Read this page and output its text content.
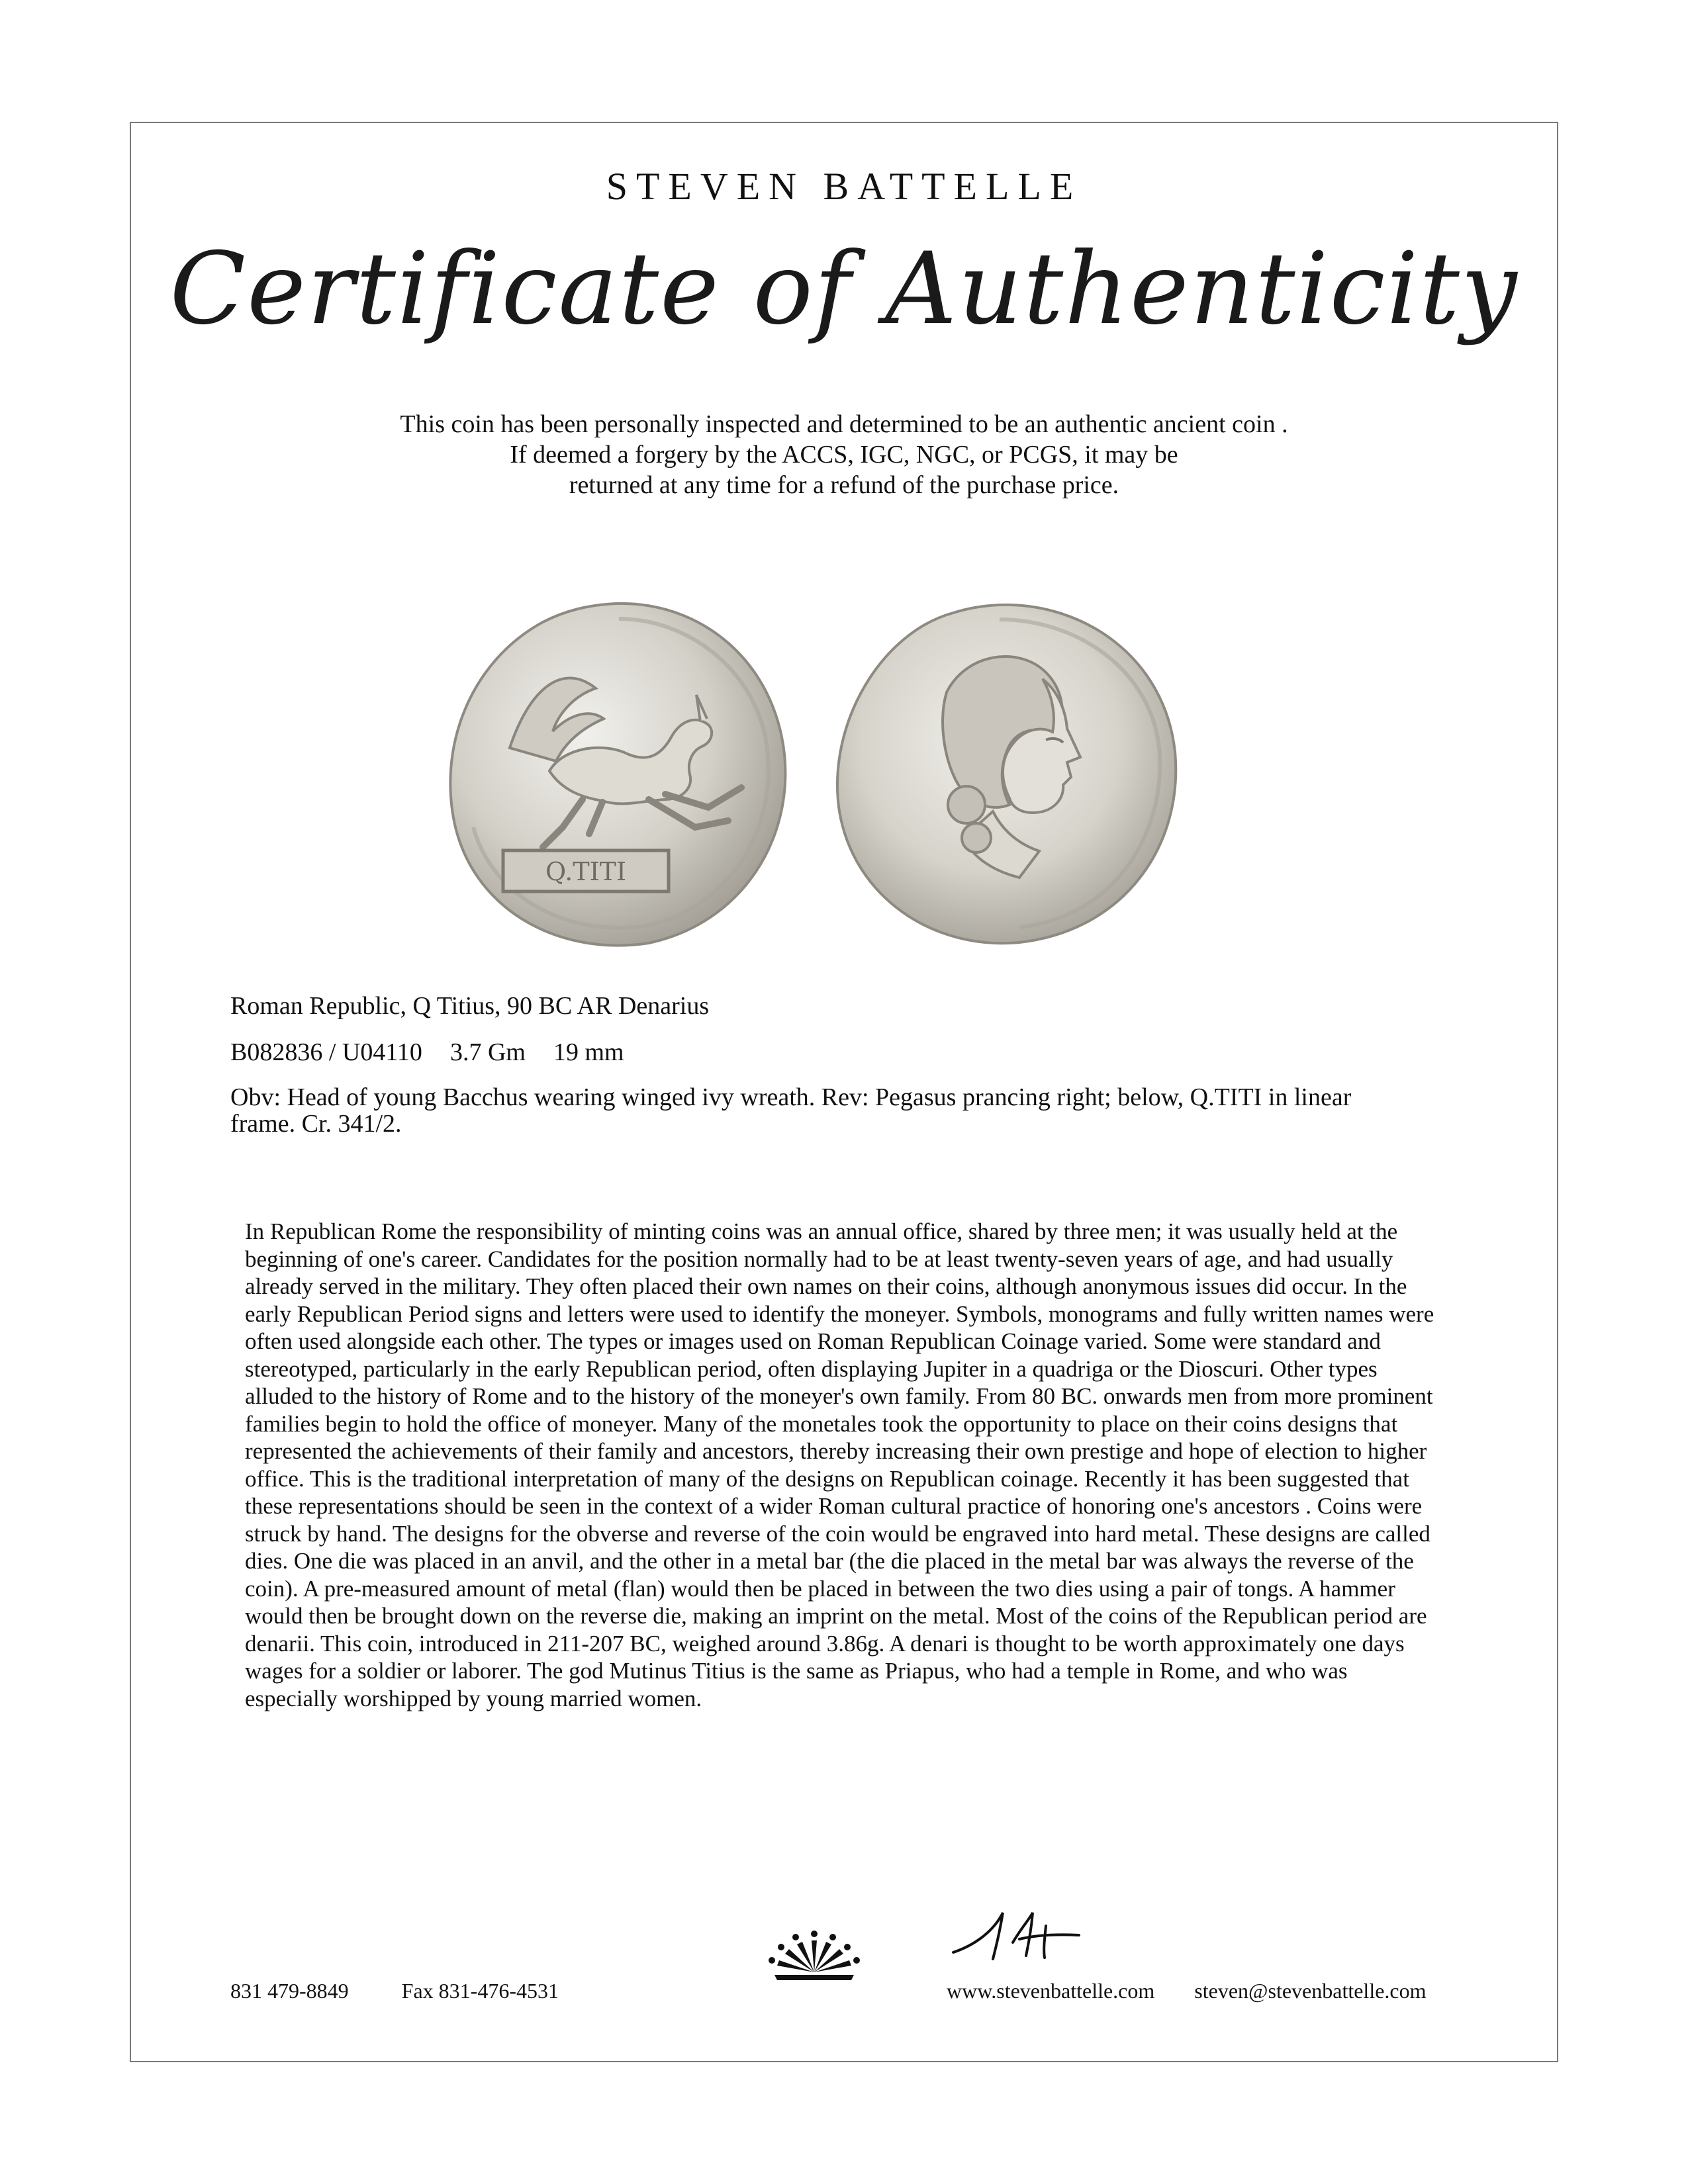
STEVEN BATTELLE
Certificate of Authenticity
This coin has been personally inspected and determined to be an authentic ancient coin .
If deemed a forgery by the ACCS, IGC, NGC, or PCGS, it may be
returned at any time for a refund of the purchase price.
Q.TITI
Roman Republic, Q Titius, 90 BC AR Denarius
B082836 / U04110 3.7 Gm 19 mm
Obv: Head of young Bacchus wearing winged ivy wreath. Rev: Pegasus prancing right; below, Q.TITI in linear frame. Cr. 341/2.
In Republican Rome the responsibility of minting coins was an annual office, shared by three men; it was usually held at the beginning of one's career. Candidates for the position normally had to be at least twenty-seven years of age, and had usually already served in the military. They often placed their own names on their coins, although anonymous issues did occur. In the early Republican Period signs and letters were used to identify the moneyer. Symbols, monograms and fully written names were often used alongside each other. The types or images used on Roman Republican Coinage varied. Some were standard and stereotyped, particularly in the early Republican period, often displaying Jupiter in a quadriga or the Dioscuri. Other types alluded to the history of Rome and to the history of the moneyer's own family. From 80 BC. onwards men from more prominent families begin to hold the office of moneyer. Many of the monetales took the opportunity to place on their coins designs that represented the achievements of their family and ancestors, thereby increasing their own prestige and hope of election to higher office. This is the traditional interpretation of many of the designs on Republican coinage. Recently it has been suggested that these representations should be seen in the context of a wider Roman cultural practice of honoring one's ancestors . Coins were struck by hand. The designs for the obverse and reverse of the coin would be engraved into hard metal. These designs are called dies. One die was placed in an anvil, and the other in a metal bar (the die placed in the metal bar was always the reverse of the coin). A pre-measured amount of metal (flan) would then be placed in between the two dies using a pair of tongs. A hammer would then be brought down on the reverse die, making an imprint on the metal. Most of the coins of the Republican period are denarii. This coin, introduced in 211-207 BC, weighed around 3.86g. A denari is thought to be worth approximately one days wages for a soldier or laborer. The god Mutinus Titius is the same as Priapus, who had a temple in Rome, and who was especially worshipped by young married women.
831 479-8849	Fax 831-476-4531	www.stevenbattelle.com steven@stevenbattelle.com
